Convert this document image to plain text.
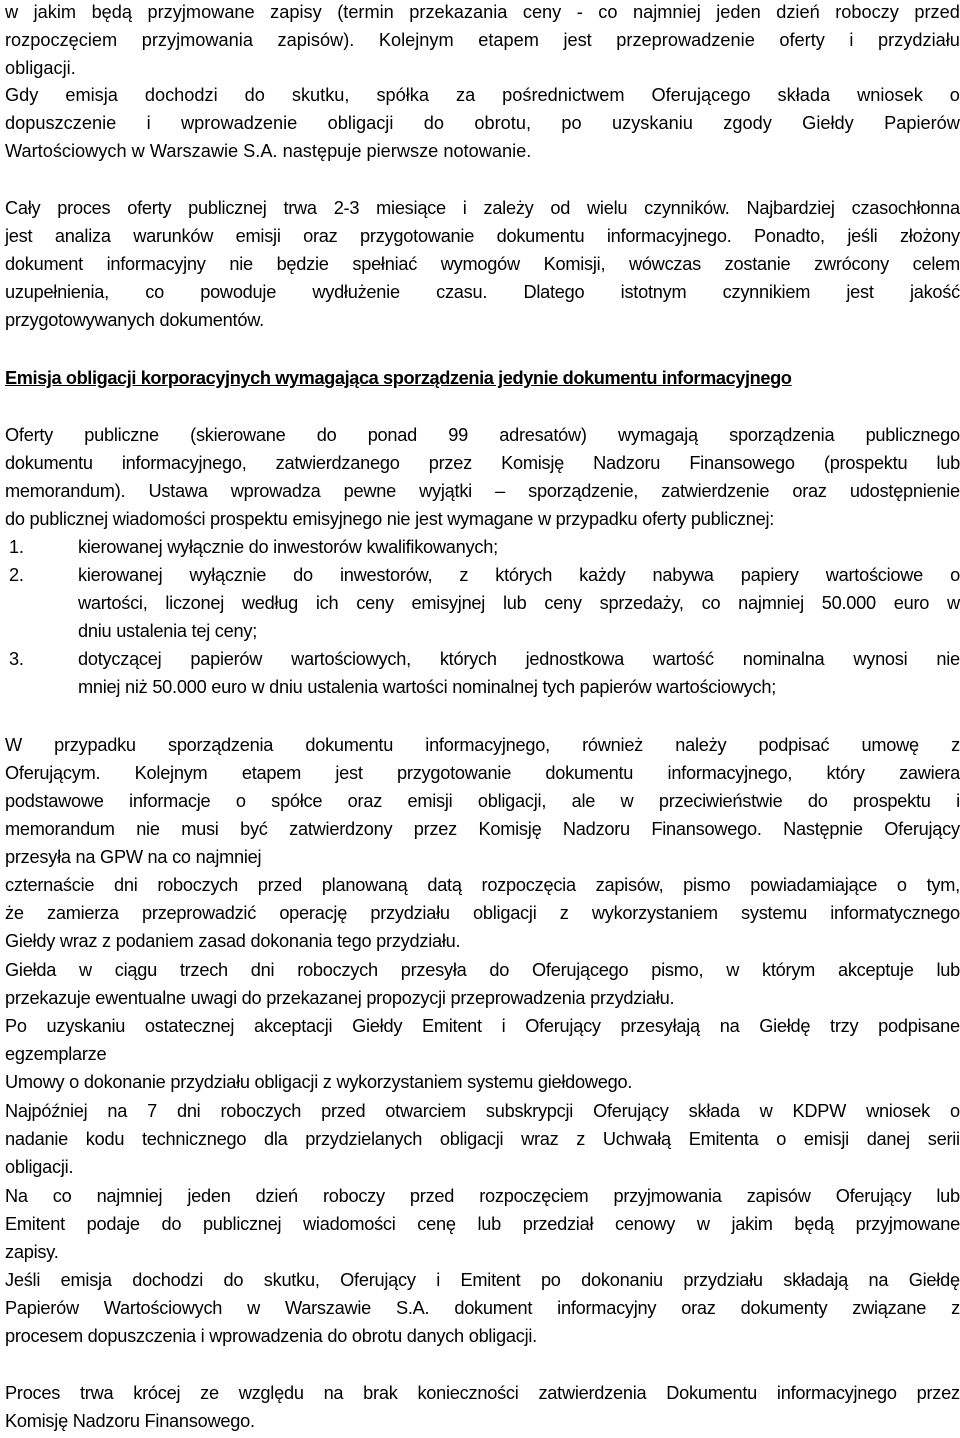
w jakim będą przyjmowane zapisy (termin przekazania ceny - co najmniej jeden dzień roboczy przed

rozpoczęciem przyjmowania zapisów). Kolejnym etapem jest przeprowadzenie oferty i przydziału

obligacji.

Gdy emisja dochodzi do skutku, spółka za pośrednictwem Oferującego składa wniosek o

dopuszczenie i wprowadzenie obligacji do obrotu, po uzyskaniu zgody Giełdy Papierów

Wartościowych w Warszawie S.A. następuje pierwsze notowanie.

Cały proces oferty publicznej trwa 2-3 miesiące i zależy od wielu czynników. Najbardziej czasochłonna

jest analiza warunków emisji oraz przygotowanie dokumentu informacyjnego. Ponadto, jeśli złożony

dokument informacyjny nie będzie spełniać wymogów Komisji, wówczas zostanie zwrócony celem

uzupełnienia, co powoduje wydłużenie czasu. Dlatego istotnym czynnikiem jest jakość

przygotowywanych dokumentów.

Emisja obligacji korporacyjnych wymagająca sporządzenia jedynie dokumentu informacyjnego

Oferty publiczne (skierowane do ponad 99 adresatów) wymagają sporządzenia publicznego

dokumentu informacyjnego, zatwierdzanego przez Komisję Nadzoru Finansowego (prospektu lub

memorandum). Ustawa wprowadza pewne wyjątki – sporządzenie, zatwierdzenie oraz udostępnienie

do publicznej wiadomości prospektu emisyjnego nie jest wymagane w przypadku oferty publicznej:

1.	kierowanej wyłącznie do inwestorów kwalifikowanych;
2.	kierowanej wyłącznie do inwestorów, z których każdy nabywa papiery wartościowe o

wartości, liczonej według ich ceny emisyjnej lub ceny sprzedaży, co najmniej 50.000 euro w

dniu ustalenia tej ceny;

3.	dotyczącej papierów wartościowych, których jednostkowa wartość nominalna wynosi nie

mniej niż 50.000 euro w dniu ustalenia wartości nominalnej tych papierów wartościowych;

W przypadku sporządzenia dokumentu informacyjnego, również należy podpisać umowę z

Oferującym. Kolejnym etapem jest przygotowanie dokumentu informacyjnego, który zawiera

podstawowe informacje o spółce oraz emisji obligacji, ale w przeciwieństwie do prospektu i

memorandum nie musi być zatwierdzony przez Komisję Nadzoru Finansowego. Następnie Oferujący

przesyła na GPW na co najmniej

czternaście dni roboczych przed planowaną datą rozpoczęcia zapisów, pismo powiadamiające o tym,

że zamierza przeprowadzić operację przydziału obligacji z wykorzystaniem systemu informatycznego

Giełdy wraz z podaniem zasad dokonania tego przydziału.

Giełda w ciągu trzech dni roboczych przesyła do Oferującego pismo, w którym akceptuje lub

przekazuje ewentualne uwagi do przekazanej propozycji przeprowadzenia przydziału.

Po uzyskaniu ostatecznej akceptacji Giełdy Emitent i Oferujący przesyłają na Giełdę trzy podpisane

egzemplarze

Umowy o dokonanie przydziału obligacji z wykorzystaniem systemu giełdowego.

Najpóźniej na 7 dni roboczych przed otwarciem subskrypcji Oferujący składa w KDPW wniosek o

nadanie kodu technicznego dla przydzielanych obligacji wraz z Uchwałą Emitenta o emisji danej serii

obligacji.

Na co najmniej jeden dzień roboczy przed rozpoczęciem przyjmowania zapisów Oferujący lub

Emitent podaje do publicznej wiadomości cenę lub przedział cenowy w jakim będą przyjmowane

zapisy.

Jeśli emisja dochodzi do skutku, Oferujący i Emitent po dokonaniu przydziału składają na Giełdę

Papierów Wartościowych w Warszawie S.A. dokument informacyjny oraz dokumenty związane z

procesem dopuszczenia i wprowadzenia do obrotu danych obligacji.

Proces trwa krócej ze względu na brak konieczności zatwierdzenia Dokumentu informacyjnego przez

Komisję Nadzoru Finansowego.
